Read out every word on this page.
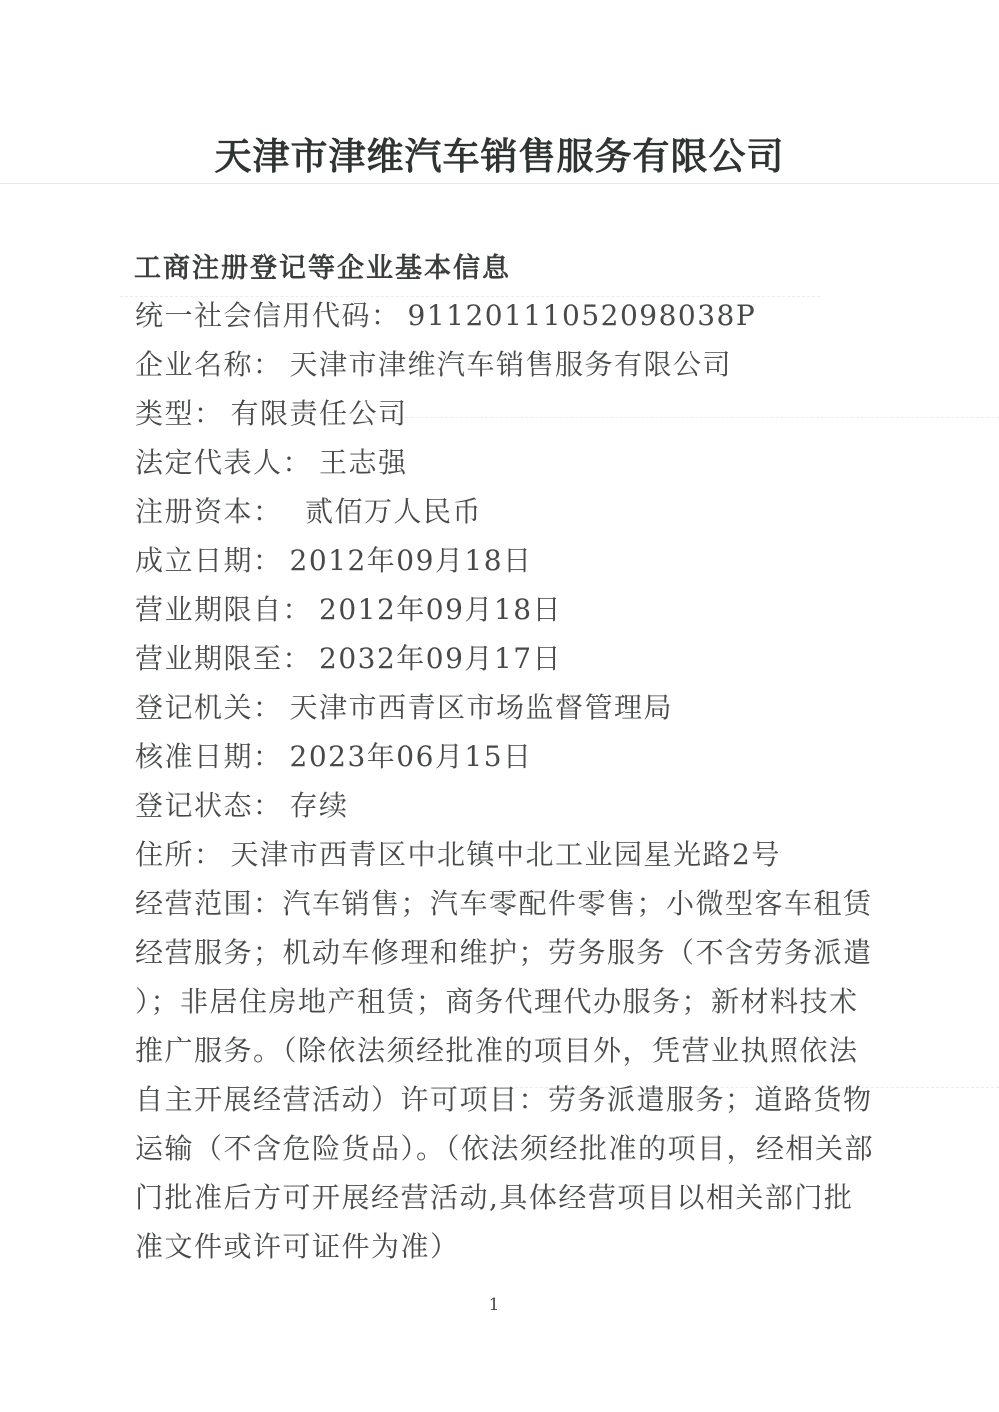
天津市津维汽车销售服务有限公司
工商注册登记等企业基本信息
统一社会信用代码： 91120111052098038P
企业名称： 天津市津维汽车销售服务有限公司
类型： 有限责任公司
法定代表人： 王志强
注册资本：　贰佰万人民币
成立日期： 2012年09月18日
营业期限自： 2012年09月18日
营业期限至： 2032年09月17日
登记机关： 天津市西青区市场监督管理局
核准日期： 2023年06月15日
登记状态： 存续
住所： 天津市西青区中北镇中北工业园星光路2号
经营范围：汽车销售；汽车零配件零售；小微型客车租赁
经营服务；机动车修理和维护；劳务服务（不含劳务派遣
）；非居住房地产租赁；商务代理代办服务；新材料技术
推广服务。（除依法须经批准的项目外，凭营业执照依法
自主开展经营活动）许可项目：劳务派遣服务；道路货物
运输（不含危险货品）。（依法须经批准的项目，经相关部
门批准后方可开展经营活动,具体经营项目以相关部门批
准文件或许可证件为准）
1
